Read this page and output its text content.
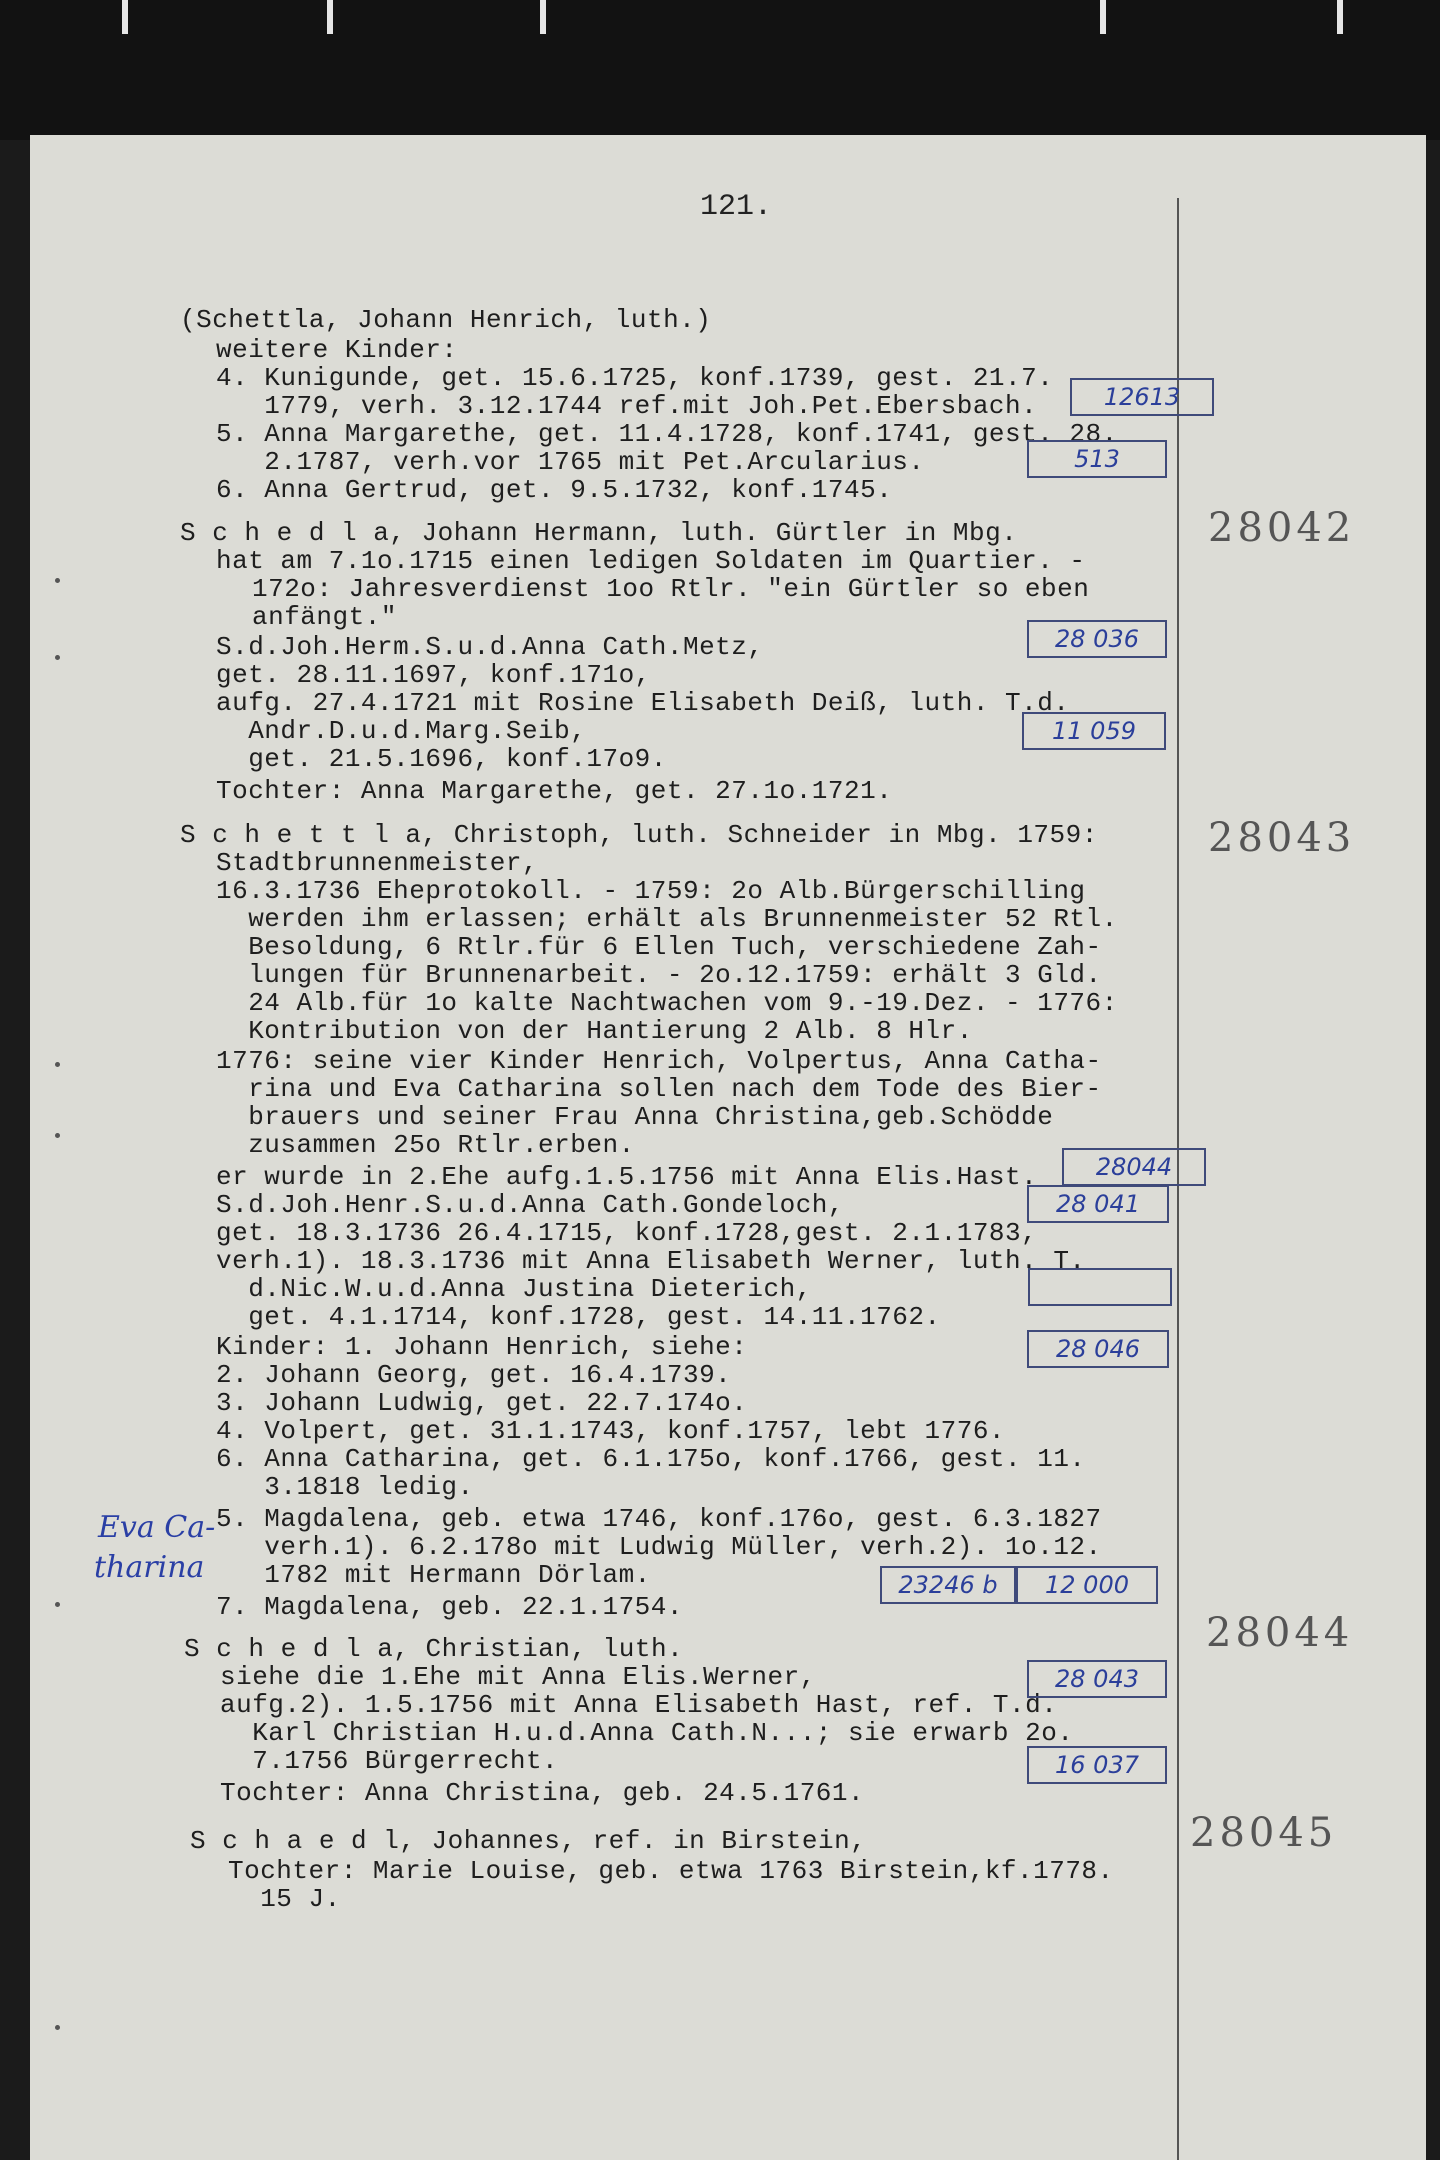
121.
(Schettla, Johann Henrich, luth.)
weitere Kinder:
4. Kunigunde, get. 15.6.1725, konf.1739, gest. 21.7.
1779, verh. 3.12.1744 ref.mit Joh.Pet.Ebersbach.
5. Anna Margarethe, get. 11.4.1728, konf.1741, gest. 28.
2.1787, verh.vor 1765 mit Pet.Arcularius.
6. Anna Gertrud, get. 9.5.1732, konf.1745.
S c h e d l a, Johann Hermann, luth. Gürtler in Mbg.
hat am 7.1o.1715 einen ledigen Soldaten im Quartier. -
172o: Jahresverdienst 1oo Rtlr. "ein Gürtler so eben
anfängt."
S.d.Joh.Herm.S.u.d.Anna Cath.Metz,
get. 28.11.1697, konf.171o,
aufg. 27.4.1721 mit Rosine Elisabeth Deiß, luth. T.d.
Andr.D.u.d.Marg.Seib,
get. 21.5.1696, konf.17o9.
Tochter: Anna Margarethe, get. 27.1o.1721.
S c h e t t l a, Christoph, luth. Schneider in Mbg. 1759:
Stadtbrunnenmeister,
16.3.1736 Eheprotokoll. - 1759: 2o Alb.Bürgerschilling
werden ihm erlassen; erhält als Brunnenmeister 52 Rtl.
Besoldung, 6 Rtlr.für 6 Ellen Tuch, verschiedene Zah-
lungen für Brunnenarbeit. - 2o.12.1759: erhält 3 Gld.
24 Alb.für 1o kalte Nachtwachen vom 9.-19.Dez. - 1776:
Kontribution von der Hantierung 2 Alb. 8 Hlr.
1776: seine vier Kinder Henrich, Volpertus, Anna Catha-
rina und Eva Catharina sollen nach dem Tode des Bier-
brauers und seiner Frau Anna Christina,geb.Schödde
zusammen 25o Rtlr.erben.
er wurde in 2.Ehe aufg.1.5.1756 mit Anna Elis.Hast.
S.d.Joh.Henr.S.u.d.Anna Cath.Gondeloch,
get. 18.3.1736 26.4.1715, konf.1728,gest. 2.1.1783,
verh.1). 18.3.1736 mit Anna Elisabeth Werner, luth. T.
d.Nic.W.u.d.Anna Justina Dieterich,
get. 4.1.1714, konf.1728, gest. 14.11.1762.
Kinder: 1. Johann Henrich, siehe:
2. Johann Georg, get. 16.4.1739.
3. Johann Ludwig, get. 22.7.174o.
4. Volpert, get. 31.1.1743, konf.1757, lebt 1776.
6. Anna Catharina, get. 6.1.175o, konf.1766, gest. 11.
3.1818 ledig.
5. Magdalena, geb. etwa 1746, konf.176o, gest. 6.3.1827
verh.1). 6.2.178o mit Ludwig Müller, verh.2). 1o.12.
1782 mit Hermann Dörlam.
7. Magdalena, geb. 22.1.1754.
S c h e d l a, Christian, luth.
siehe die 1.Ehe mit Anna Elis.Werner,
aufg.2). 1.5.1756 mit Anna Elisabeth Hast, ref. T.d.
Karl Christian H.u.d.Anna Cath.N...; sie erwarb 2o.
7.1756 Bürgerrecht.
Tochter: Anna Christina, geb. 24.5.1761.
S c h a e d l, Johannes, ref. in Birstein,
Tochter: Marie Louise, geb. etwa 1763 Birstein,kf.1778.
15 J.
12613
513
28 036
11 059
28044
28 041
28 046
23246 b	12 000
28 043
16 037
Eva Ca-
tharina
28042
28043
28044
28045
